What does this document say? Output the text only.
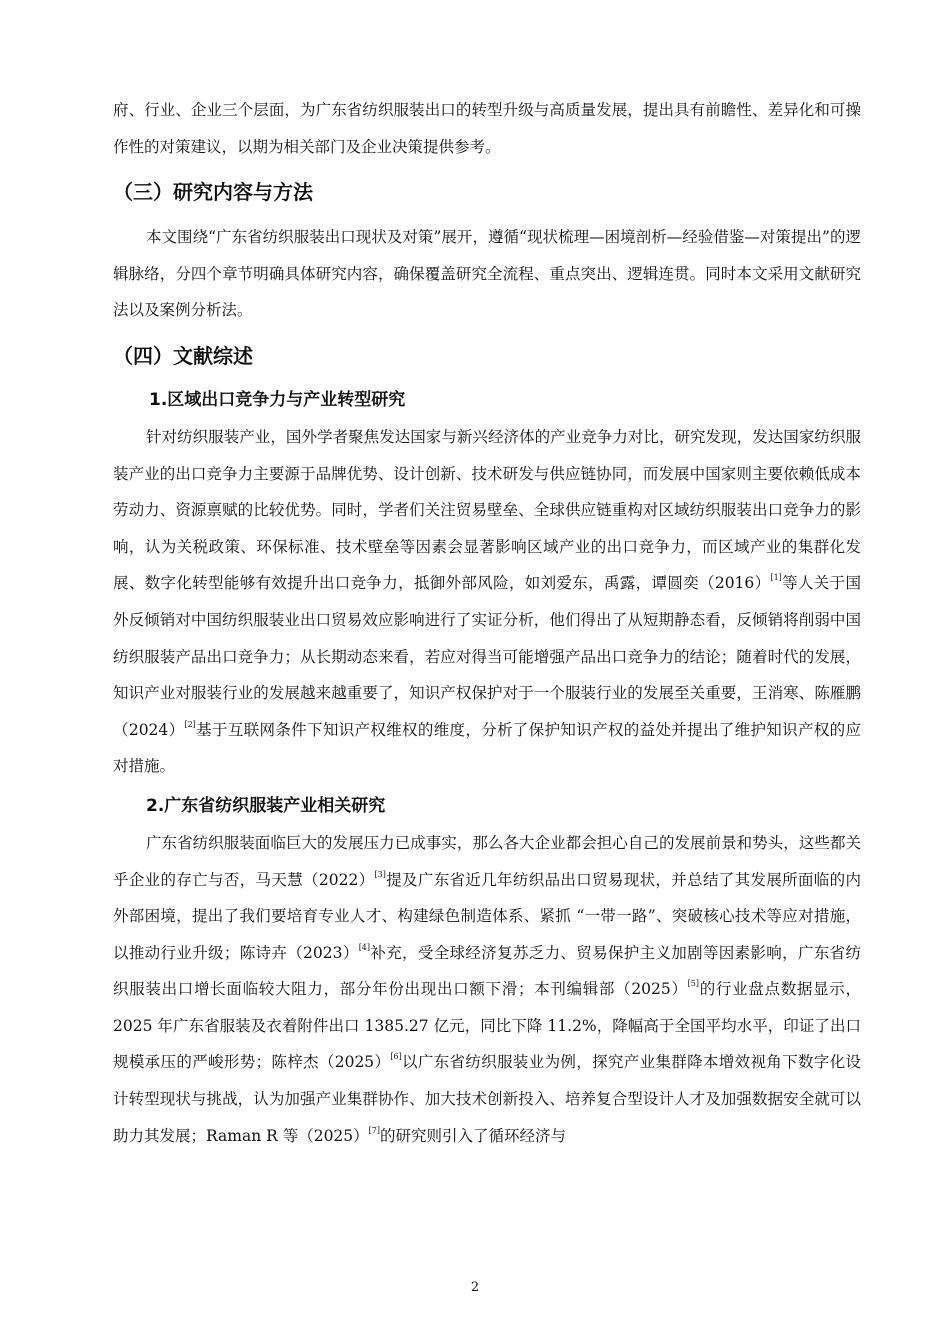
府、行业、企业三个层面，为广东省纺织服装出口的转型升级与高质量发展，提出具有前瞻性、差异化和可操作性的对策建议，以期为相关部门及企业决策提供参考。

（三）研究内容与方法

本文围绕“广东省纺织服装出口现状及对策”展开，遵循“现状梳理—困境剖析—经验借鉴—对策提出”的逻辑脉络，分四个章节明确具体研究内容，确保覆盖研究全流程、重点突出、逻辑连贯。同时本文采用文献研究法以及案例分析法。

（四）文献综述
1.区域出口竞争力与产业转型研究

针对纺织服装产业，国外学者聚焦发达国家与新兴经济体的产业竞争力对比，研究发现，发达国家纺织服装产业的出口竞争力主要源于品牌优势、设计创新、技术研发与供应链协同，而发展中国家则主要依赖低成本劳动力、资源禀赋的比较优势。同时，学者们关注贸易壁垒、全球供应链重构对区域纺织服装出口竞争力的影响，认为关税政策、环保标准、技术壁垒等因素会显著影响区域产业的出口竞争力，而区域产业的集群化发展、数字化转型能够有效提升出口竞争力，抵御外部风险，如刘爱东，禹露，谭圆奕（2016）[1]等人关于国外反倾销对中国纺织服装业出口贸易效应影响进行了实证分析，他们得出了从短期静态看，反倾销将削弱中国纺织服装产品出口竞争力；从长期动态来看，若应对得当可能增强产品出口竞争力的结论；随着时代的发展，知识产业对服装行业的发展越来越重要了，知识产权保护对于一个服装行业的发展至关重要，王消寒、陈雁鹏（2024）[2]基于互联网条件下知识产权维权的维度，分析了保护知识产权的益处并提出了维护知识产权的应对措施。

2.广东省纺织服装产业相关研究

广东省纺织服装面临巨大的发展压力已成事实，那么各大企业都会担心自己的发展前景和势头，这些都关乎企业的存亡与否，马天慧（2022）[3]提及广东省近几年纺织品出口贸易现状，并总结了其发展所面临的内外部困境，提出了我们要培育专业人才、构建绿色制造体系、紧抓 “一带一路”、突破核心技术等应对措施，以推动行业升级；陈诗卉（2023）[4]补充，受全球经济复苏乏力、贸易保护主义加剧等因素影响，广东省纺织服装出口增长面临较大阻力，部分年份出现出口额下滑；本刊编辑部（2025）[5]的行业盘点数据显示，2025 年广东省服装及衣着附件出口 1385.27 亿元，同比下降 11.2%，降幅高于全国平均水平，印证了出口规模承压的严峻形势；陈梓杰（2025）[6]以广东省纺织服装业为例，探究产业集群降本增效视角下数字化设计转型现状与挑战，认为加强产业集群协作、加大技术创新投入、培养复合型设计人才及加强数据安全就可以助力其发展；Raman R 等（2025）[7]的研究则引入了循环经济与

2
